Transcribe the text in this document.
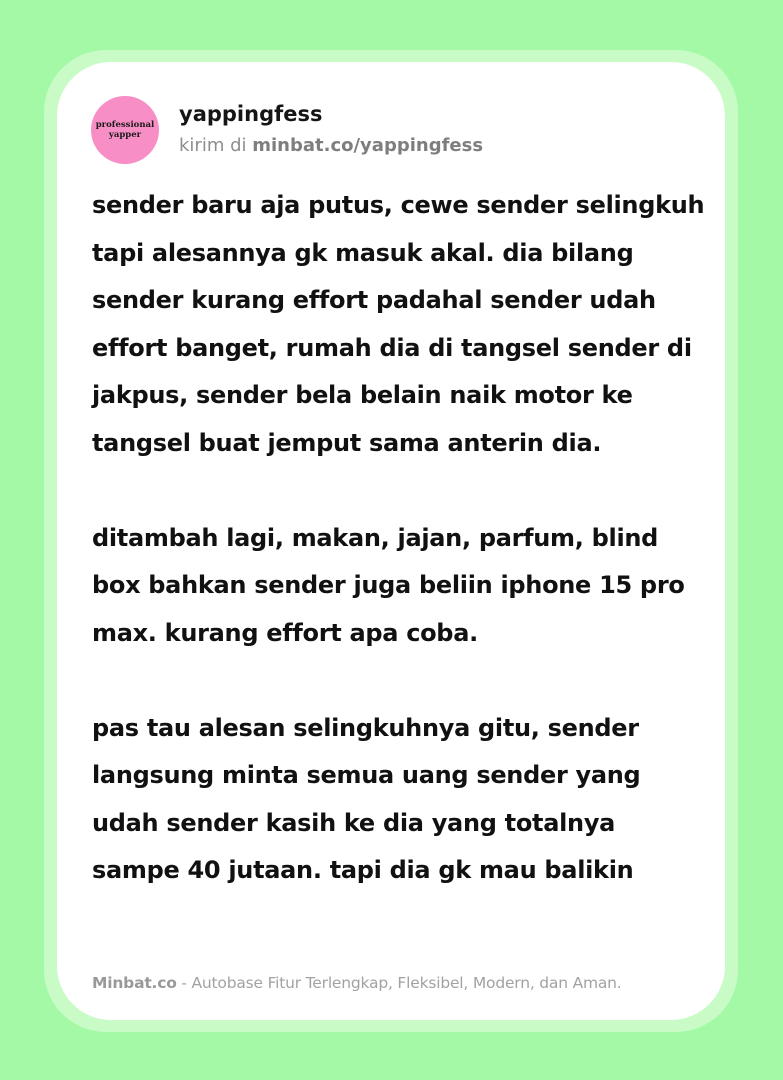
professional
yapper
yappingfess
kirim di minbat.co/yappingfess

sender baru aja putus, cewe sender selingkuh tapi alesannya gk masuk akal. dia bilang sender kurang effort padahal sender udah effort banget, rumah dia di tangsel sender di jakpus, sender bela belain naik motor ke tangsel buat jemput sama anterin dia.

ditambah lagi, makan, jajan, parfum, blind box bahkan sender juga beliin iphone 15 pro max. kurang effort apa coba.

pas tau alesan selingkuhnya gitu, sender langsung minta semua uang sender yang udah sender kasih ke dia yang totalnya sampe 40 jutaan. tapi dia gk mau balikin

Minbat.co - Autobase Fitur Terlengkap, Fleksibel, Modern, dan Aman.
